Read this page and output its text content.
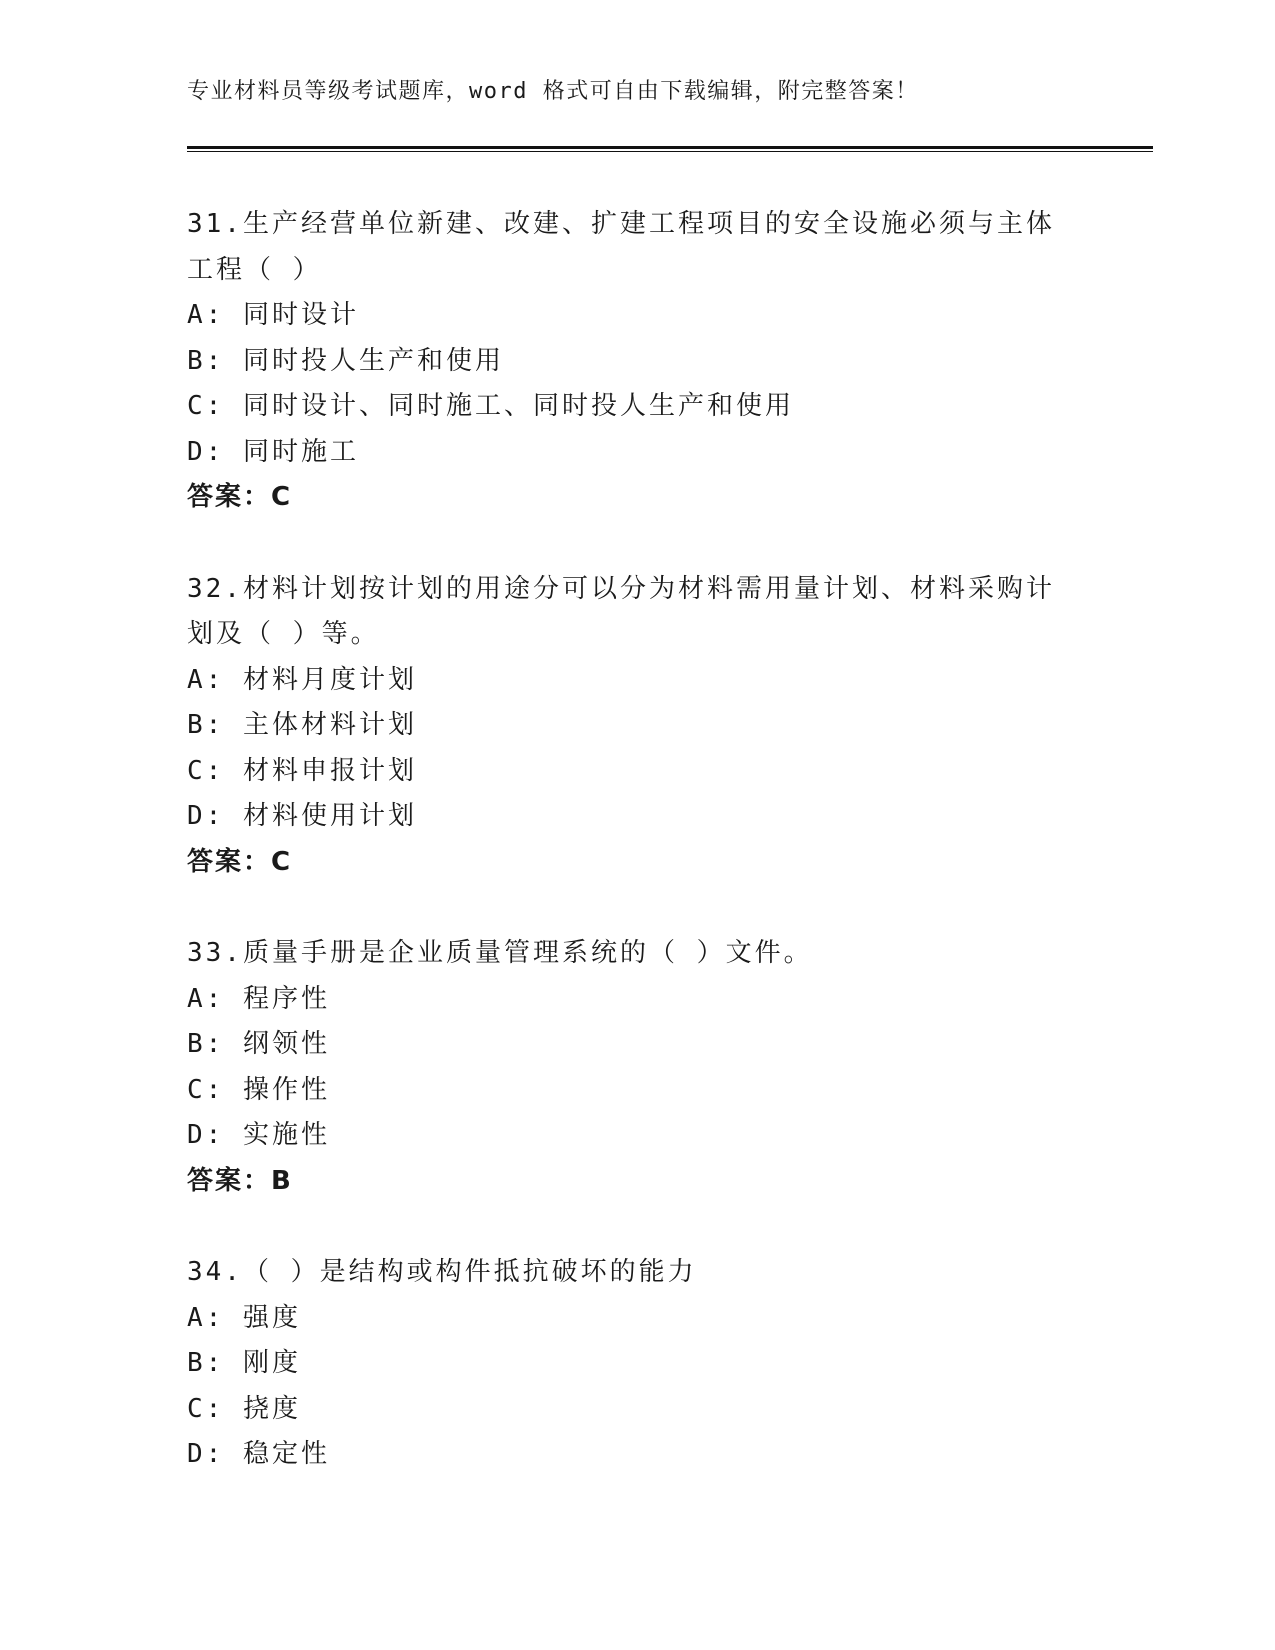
专业材料员等级考试题库，word 格式可自由下载编辑，附完整答案！
31.生产经营单位新建、改建、扩建工程项目的安全设施必须与主体工程（ ）
A: 同时设计
B: 同时投人生产和使用
C: 同时设计、同时施工、同时投人生产和使用
D: 同时施工
答案：C
32.材料计划按计划的用途分可以分为材料需用量计划、材料采购计划及（ ）等。
A: 材料月度计划
B: 主体材料计划
C: 材料申报计划
D: 材料使用计划
答案：C
33.质量手册是企业质量管理系统的（ ）文件。
A: 程序性
B: 纲领性
C: 操作性
D: 实施性
答案：B
34.（ ）是结构或构件抵抗破坏的能力
A: 强度
B: 刚度
C: 挠度
D: 稳定性
